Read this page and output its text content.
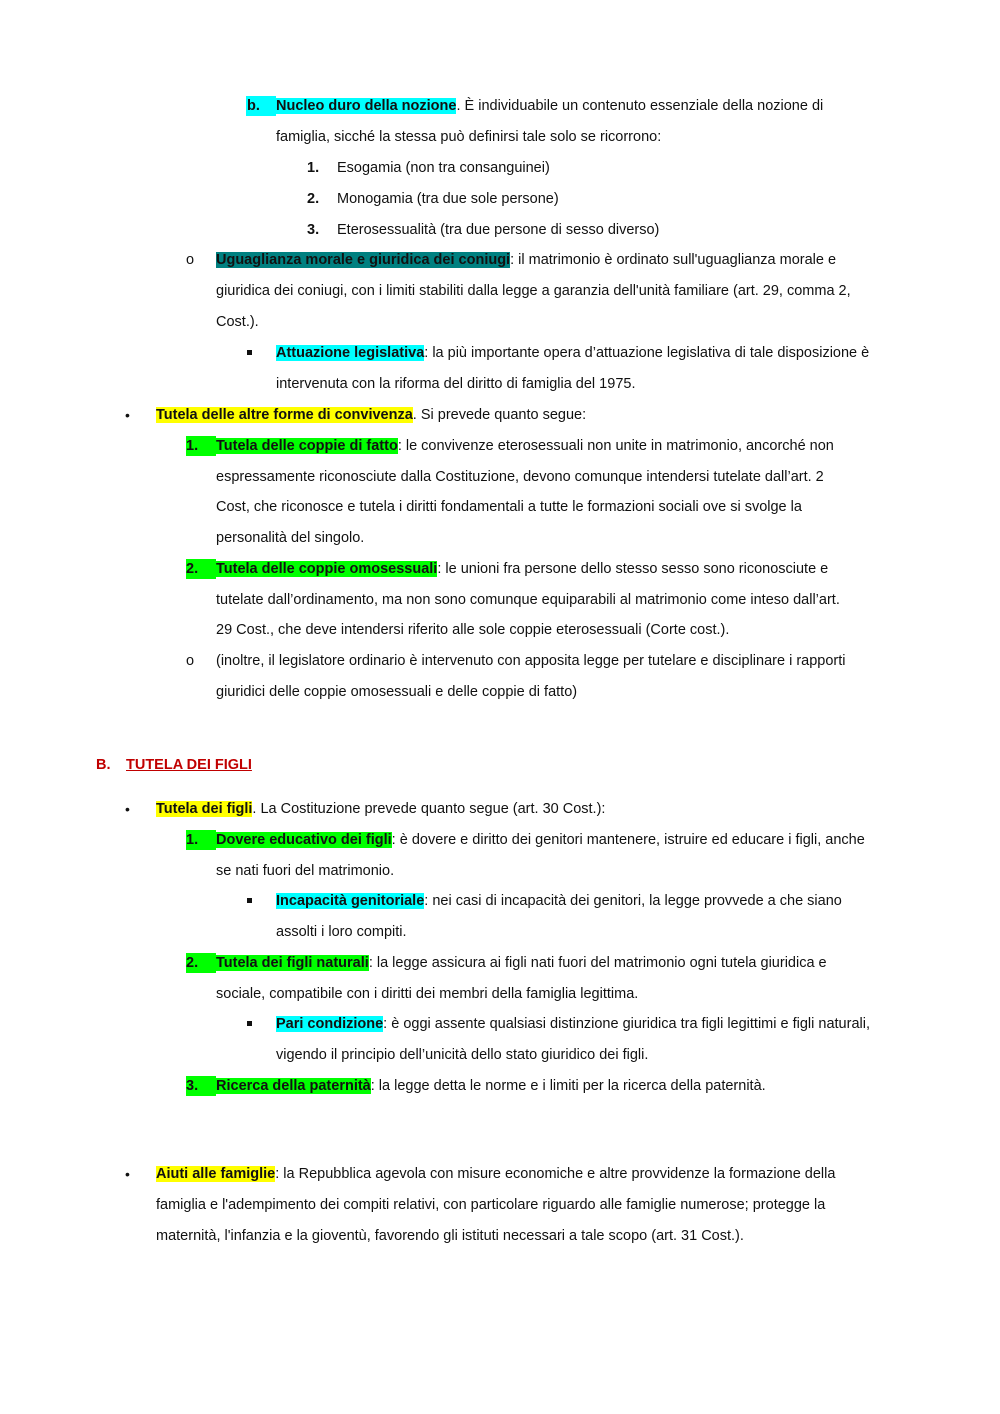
b.	Nucleo duro della nozione. È individuabile un contenuto essenziale della nozione di
famiglia, sicché la stessa può definirsi tale solo se ricorrono:
1. Esogamia (non tra consanguinei)
2. Monogamia (tra due sole persone)
3. Eterosessualità (tra due persone di sesso diverso)
o Uguaglianza morale e giuridica dei coniugi: il matrimonio è ordinato sull'uguaglianza morale e
giuridica dei coniugi, con i limiti stabiliti dalla legge a garanzia dell'unità familiare (art. 29, comma 2,
Cost.).
Attuazione legislativa: la più importante opera d’attuazione legislativa di tale disposizione è
intervenuta con la riforma del diritto di famiglia del 1975.
• Tutela delle altre forme di convivenza. Si prevede quanto segue:
1.	Tutela delle coppie di fatto: le convivenze eterosessuali non unite in matrimonio, ancorché non
espressamente riconosciute dalla Costituzione, devono comunque intendersi tutelate dall’art. 2
Cost, che riconosce e tutela i diritti fondamentali a tutte le formazioni sociali ove si svolge la
personalità del singolo.
2.	Tutela delle coppie omosessuali: le unioni fra persone dello stesso sesso sono riconosciute e
tutelate dall’ordinamento, ma non sono comunque equiparabili al matrimonio come inteso dall’art.
29 Cost., che deve intendersi riferito alle sole coppie eterosessuali (Corte cost.).
o (inoltre, il legislatore ordinario è intervenuto con apposita legge per tutelare e disciplinare i rapporti
giuridici delle coppie omosessuali e delle coppie di fatto)
B. TUTELA DEI FIGLI
• Tutela dei figli. La Costituzione prevede quanto segue (art. 30 Cost.):
1.	Dovere educativo dei figli: è dovere e diritto dei genitori mantenere, istruire ed educare i figli, anche
se nati fuori del matrimonio.
Incapacità genitoriale: nei casi di incapacità dei genitori, la legge provvede a che siano
assolti i loro compiti.
2.	Tutela dei figli naturali: la legge assicura ai figli nati fuori del matrimonio ogni tutela giuridica e
sociale, compatibile con i diritti dei membri della famiglia legittima.
Pari condizione: è oggi assente qualsiasi distinzione giuridica tra figli legittimi e figli naturali,
vigendo il principio dell’unicità dello stato giuridico dei figli.
3.	Ricerca della paternità: la legge detta le norme e i limiti per la ricerca della paternità.
• Aiuti alle famiglie: la Repubblica agevola con misure economiche e altre provvidenze la formazione della
famiglia e l'adempimento dei compiti relativi, con particolare riguardo alle famiglie numerose; protegge la
maternità, l'infanzia e la gioventù, favorendo gli istituti necessari a tale scopo (art. 31 Cost.).
